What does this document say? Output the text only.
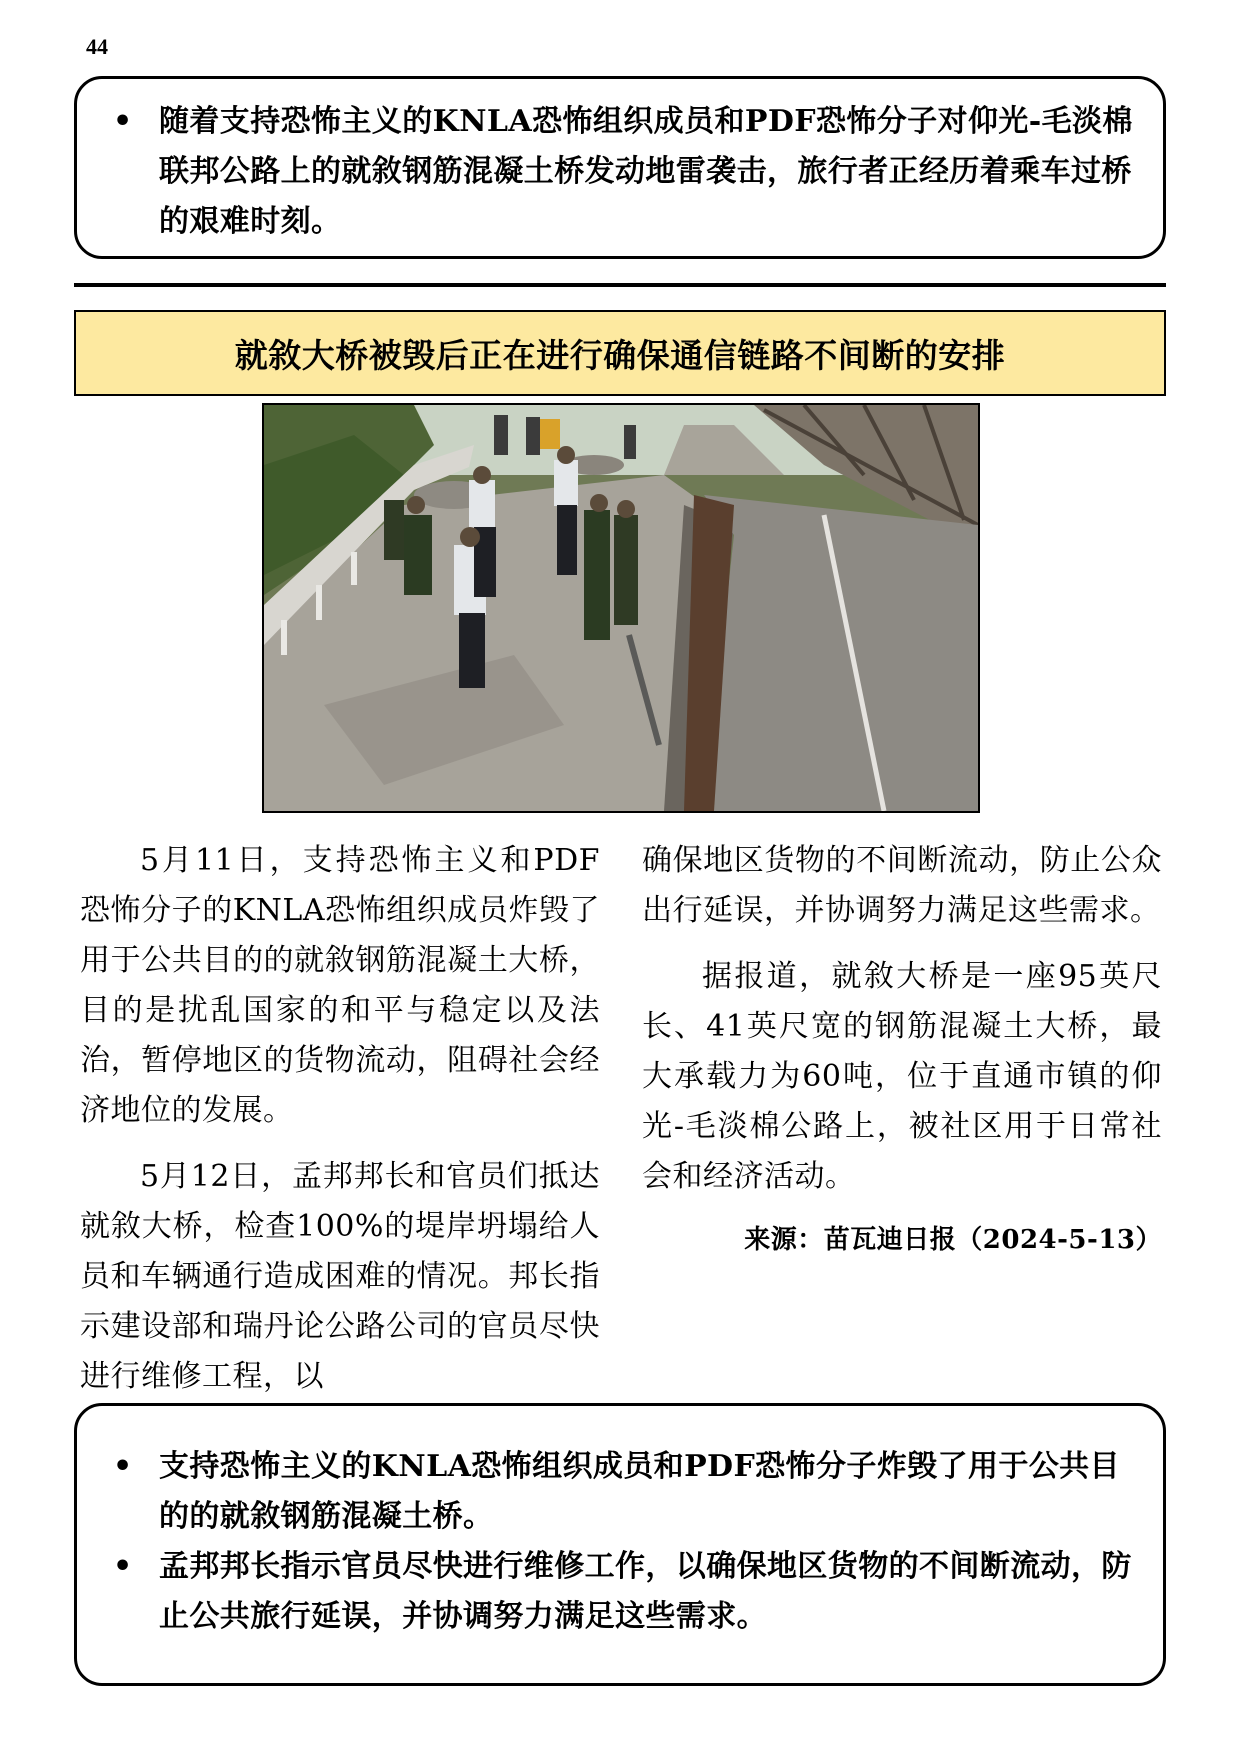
44
• 随着支持恐怖主义的KNLA恐怖组织成员和PDF恐怖分子对仰光-毛淡棉联邦公路上的就敘钢筋混凝土桥发动地雷袭击，旅行者正经历着乘车过桥的艰难时刻。
就敘大桥被毁后正在进行确保通信链路不间断的安排

5月11日，支持恐怖主义和PDF恐怖分子的KNLA恐怖组织成员炸毁了用于公共目的的就敘钢筋混凝土大桥，目的是扰乱国家的和平与稳定以及法治，暂停地区的货物流动，阻碍社会经济地位的发展。

5月12日，孟邦邦长和官员们抵达就敘大桥，检查100%的堤岸坍塌给人员和车辆通行造成困难的情况。邦长指示建设部和瑞丹论公路公司的官员尽快进行维修工程，以

确保地区货物的不间断流动，防止公众出行延误，并协调努力满足这些需求。

据报道，就敘大桥是一座95英尺长、41英尺宽的钢筋混凝土大桥，最大承载力为60吨，位于直通市镇的仰光-毛淡棉公路上，被社区用于日常社会和经济活动。

来源：苗瓦迪日报（2024-5-13）
• 支持恐怖主义的KNLA恐怖组织成员和PDF恐怖分子炸毁了用于公共目的的就敘钢筋混凝土桥。
• 孟邦邦长指示官员尽快进行维修工作，以确保地区货物的不间断流动，防止公共旅行延误，并协调努力满足这些需求。
